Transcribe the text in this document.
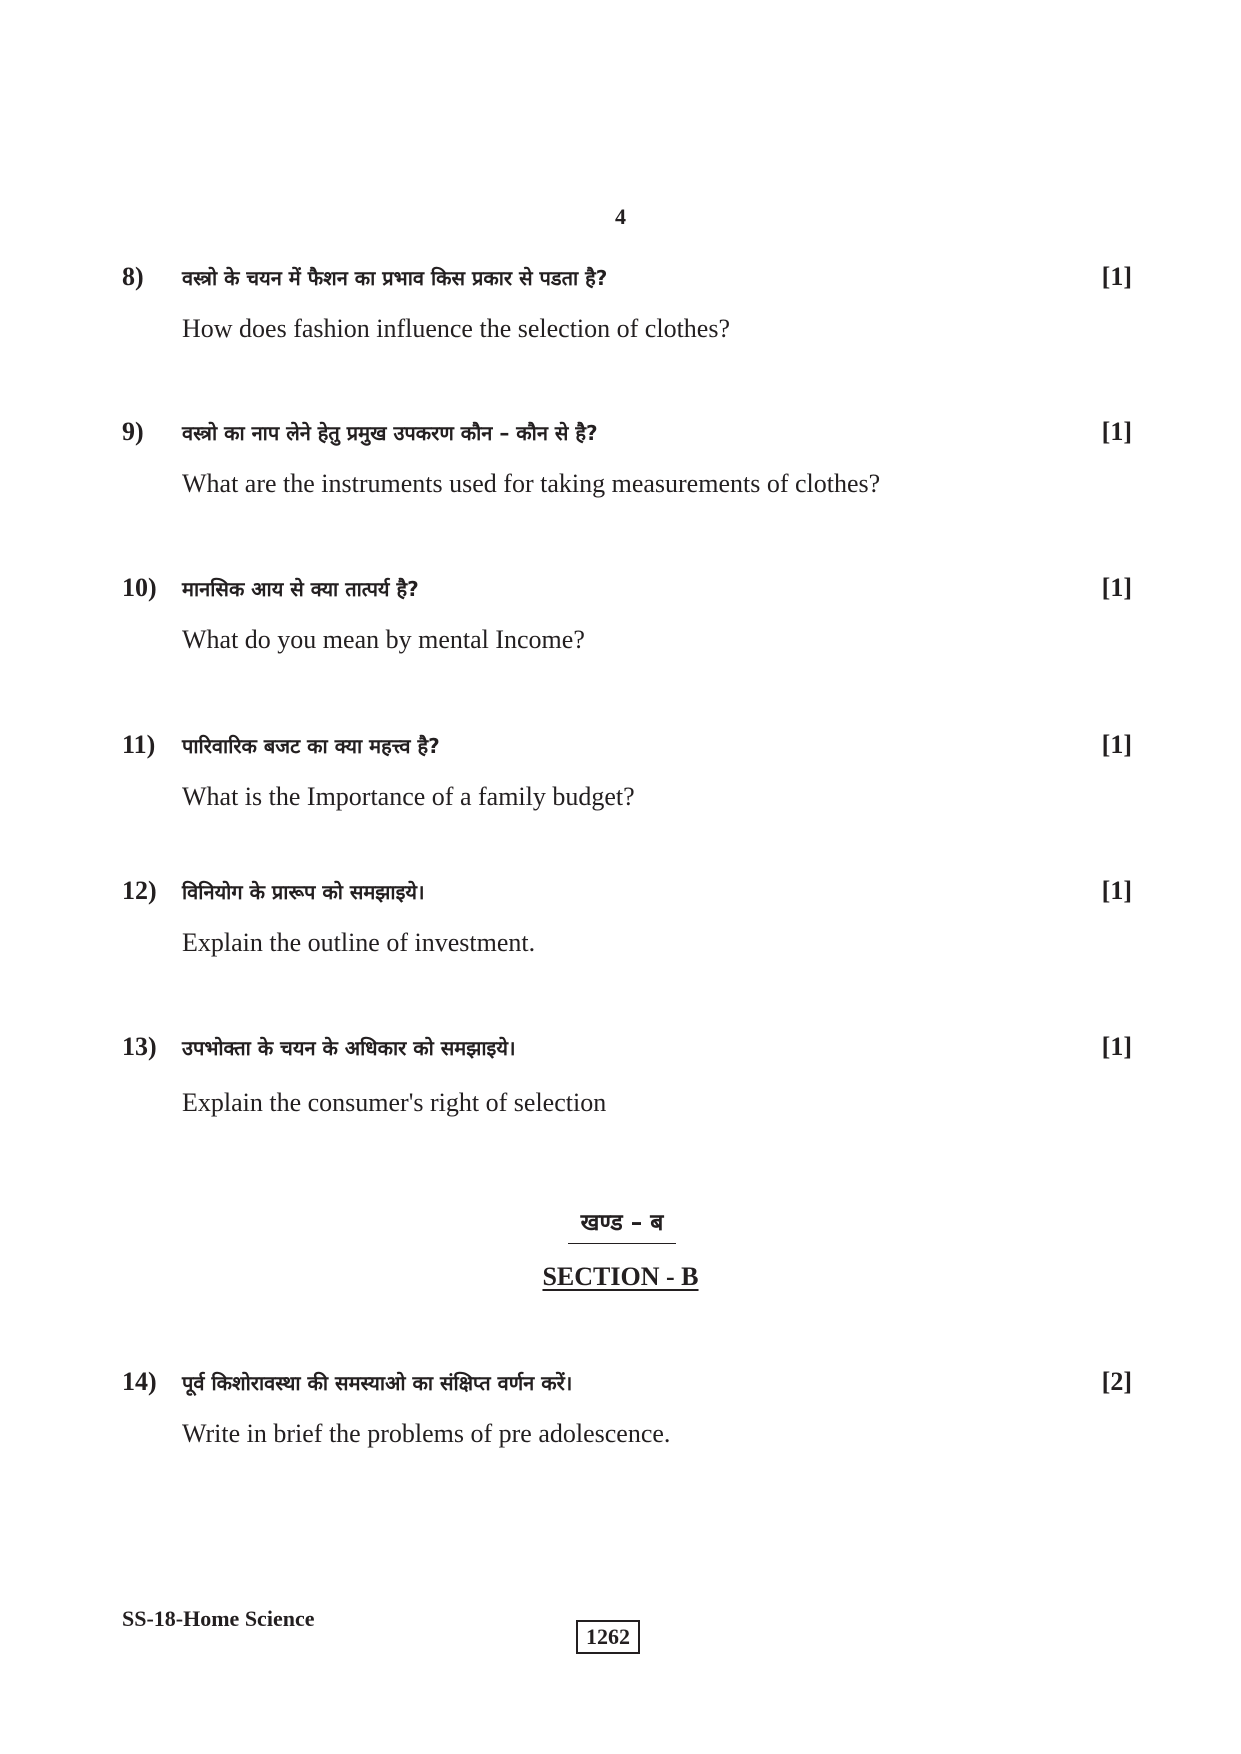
4
8) वस्त्रो के चयन में फैशन का प्रभाव किस प्रकार से पडता है?	[1]
How does fashion influence the selection of clothes?
9) वस्त्रो का नाप लेने हेतु प्रमुख उपकरण कौन – कौन से है?	[1]
What are the instruments used for taking measurements of clothes?
10) मानसिक आय से क्या तात्पर्य है?	[1]
What do you mean by mental Income?
11) पारिवारिक बजट का क्या महत्त्व है?	[1]
What is the Importance of a family budget?
12) विनियोग के प्रारूप को समझाइये।	[1]
Explain the outline of investment.
13) उपभोक्ता के चयन के अधिकार को समझाइये।	[1]
Explain the consumer's right of selection
खण्ड – ब
SECTION - B
14) पूर्व किशोरावस्था की समस्याओ का संक्षिप्त वर्णन करें।	[2]
Write in brief the problems of pre adolescence.
SS-18-Home Science
1262
